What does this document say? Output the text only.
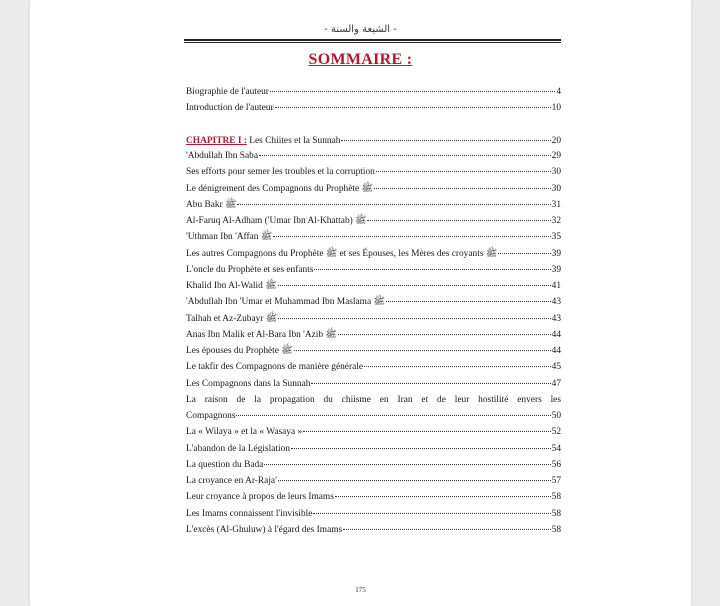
- الشيعة والسنة -
SOMMAIRE :
Biographie de l'auteur	4
Introduction de l'auteur	10
CHAPITRE I : Les Chiites et la Sunnah	20
'Abdullah Ibn Saba	29
Ses efforts pour semer les troubles et la corruption	30
Le dénigrement des Compagnons du Prophète ﷺ	30
Abu Bakr ﷺ	31
Al-Faruq Al-Adham ('Umar Ibn Al-Khattab) ﷺ	32
'Uthman Ibn 'Affan ﷺ	35
Les autres Compagnons du Prophète ﷺ et ses Épouses, les Mères des croyants ﷺ	39
L'oncle du Prophète et ses enfants	39
Khalid Ibn Al-Walid ﷺ	41
'Abdullah Ibn 'Umar et Muhammad Ibn Maslama ﷺ	43
Talhah et Az-Zubayr ﷺ	43
Anas Ibn Malik et Al-Bara Ibn 'Azib ﷺ	44
Les épouses du Prophète ﷺ	44
Le takfir des Compagnons de manière générale	45
Les Compagnons dans la Sunnah	47
La raison de la propagation du chiisme en Iran et de leur hostilité envers les
Compagnons	50
La « Wilaya » et la « Wasaya »	52
L'abandon de la Législation	54
La question du Bada	56
La croyance en Ar-Raja'	57
Leur croyance à propos de leurs Imams	58
Les Imams connaissent l'invisible	58
L'excès (Al-Ghuluw) à l'égard des Imams	58
175
